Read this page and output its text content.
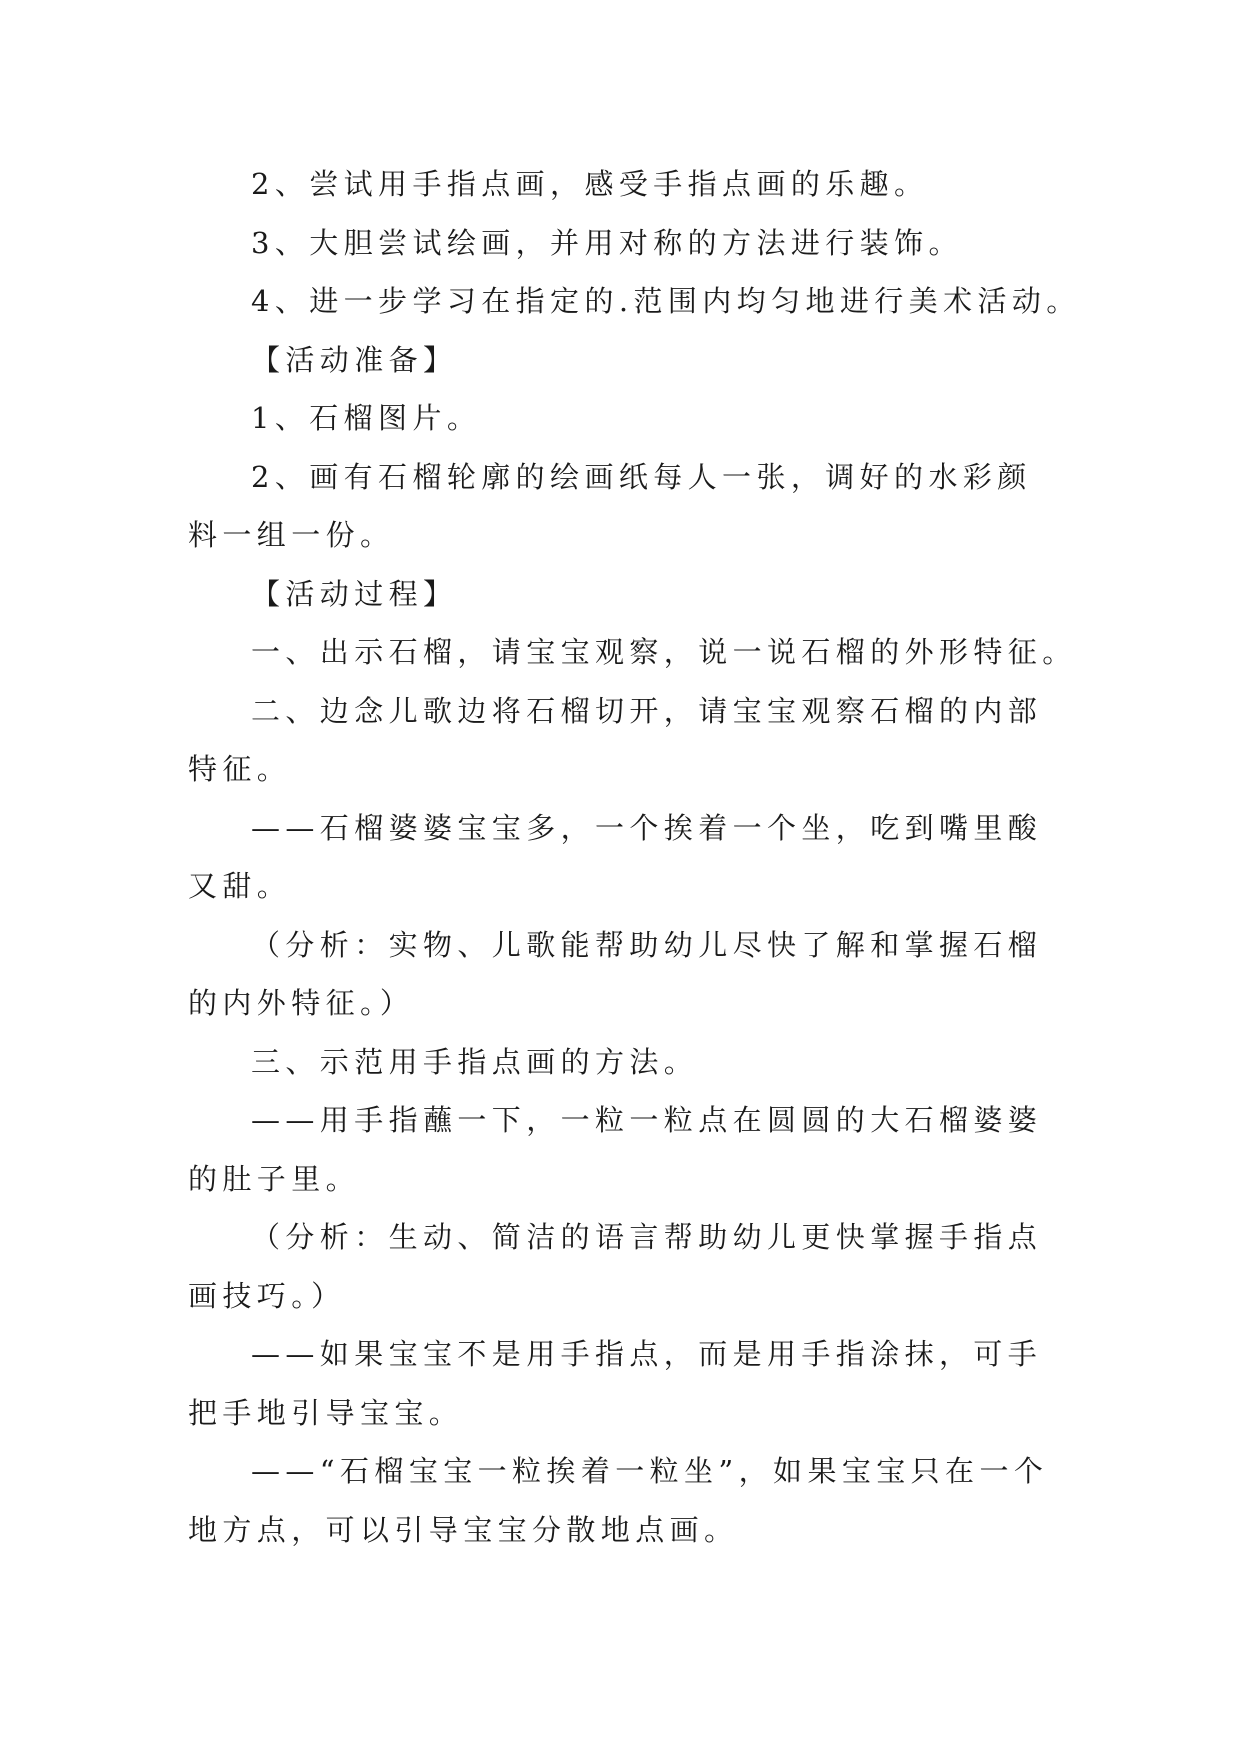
2、尝试用手指点画，感受手指点画的乐趣。

3、大胆尝试绘画，并用对称的方法进行装饰。

4、进一步学习在指定的.范围内均匀地进行美术活动。

【活动准备】

1、石榴图片。

2、画有石榴轮廓的绘画纸每人一张，调好的水彩颜料一组一份。

【活动过程】

一、出示石榴，请宝宝观察，说一说石榴的外形特征。

二、边念儿歌边将石榴切开，请宝宝观察石榴的内部特征。

——石榴婆婆宝宝多，一个挨着一个坐，吃到嘴里酸又甜。

（分析：实物、儿歌能帮助幼儿尽快了解和掌握石榴的内外特征。）

三、示范用手指点画的方法。

——用手指蘸一下，一粒一粒点在圆圆的大石榴婆婆的肚子里。

（分析：生动、简洁的语言帮助幼儿更快掌握手指点画技巧。）

——如果宝宝不是用手指点，而是用手指涂抹，可手把手地引导宝宝。

——“石榴宝宝一粒挨着一粒坐”，如果宝宝只在一个地方点，可以引导宝宝分散地点画。
